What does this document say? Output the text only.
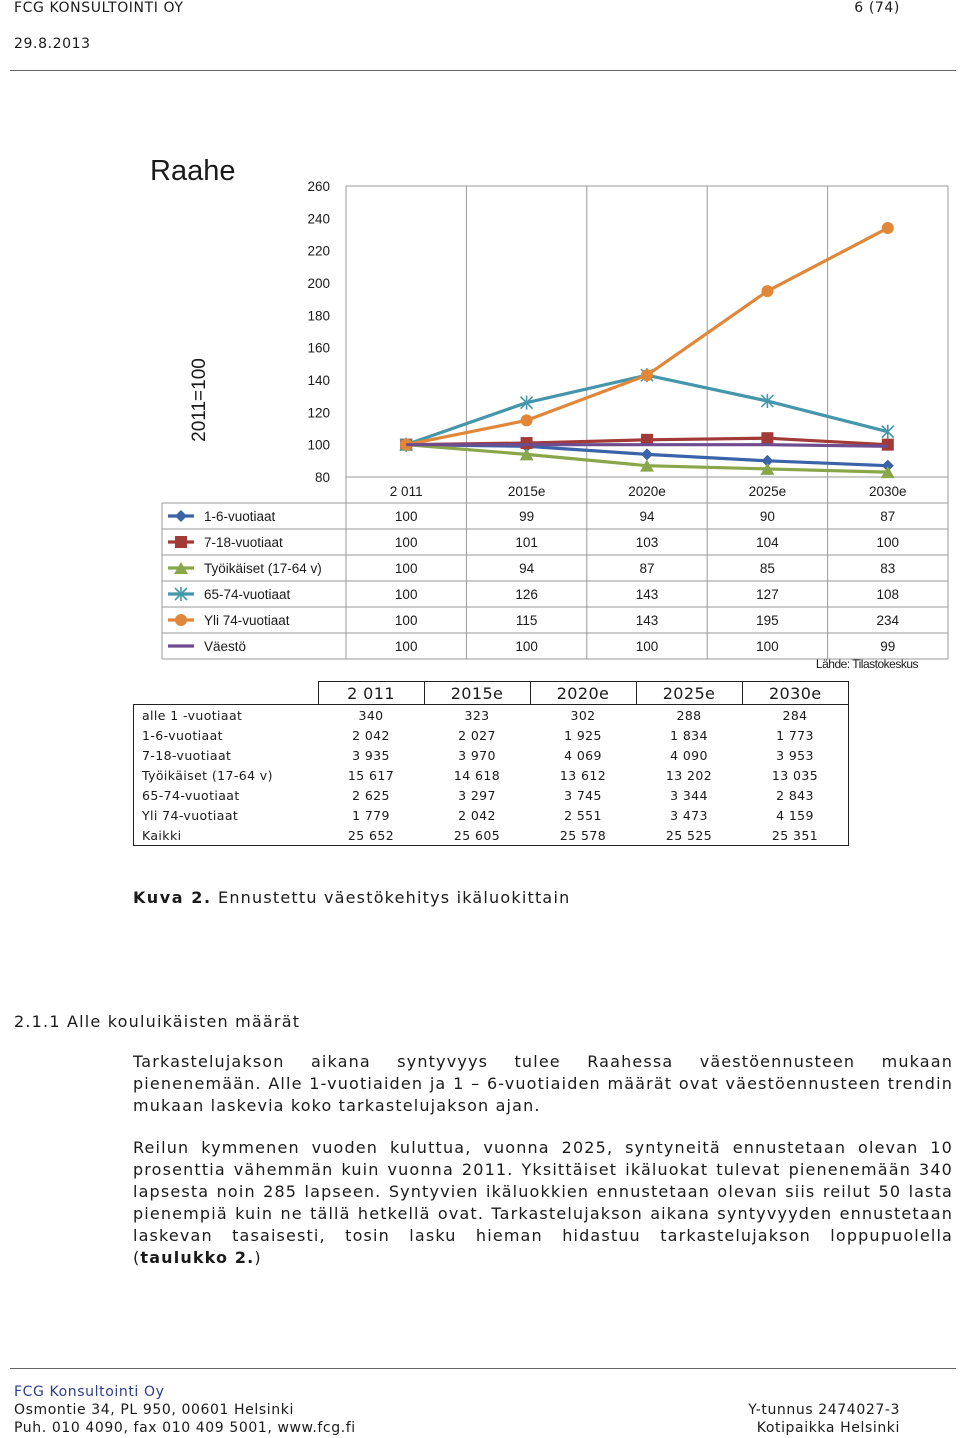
FCG KONSULTOINTI OY	6 (74)
29.8.2013
80
100
120
140
160
180
200
220
240
260
2 011	2015e	2020e	2025e	2030e
1-6-vuotiaat	100	99	94	90	87
7-18-vuotiaat	100	101	103	104	100
Työikäiset (17-64 v)	100	94	87	85	83
65-74-vuotiaat	100	126	143	127	108
Yli 74-vuotiaat	100	115	143	195	234
Väestö	100	100	100	100	99
Raahe
2011=100
Lähde: Tilastokeskus
	2 011	2015e	2020e	2025e	2030e
alle 1 -vuotiaat	340	323	302	288	284
1-6-vuotiaat	2 042	2 027	1 925	1 834	1 773
7-18-vuotiaat	3 935	3 970	4 069	4 090	3 953
Työikäiset (17-64 v)	15 617	14 618	13 612	13 202	13 035
65-74-vuotiaat	2 625	3 297	3 745	3 344	2 843
Yli 74-vuotiaat	1 779	2 042	2 551	3 473	4 159
Kaikki	25 652	25 605	25 578	25 525	25 351
Kuva 2. Ennustettu väestökehitys ikäluokittain
2.1.1 Alle kouluikäisten määrät

Tarkastelujakson aikana syntyvyys tulee Raahessa väestöennusteen mukaan pienenemään. Alle 1-vuotiaiden ja 1 – 6-vuotiaiden määrät ovat väestöennusteen trendin mukaan laskevia koko tarkastelujakson ajan.

Reilun kymmenen vuoden kuluttua, vuonna 2025, syntyneitä ennustetaan olevan 10 prosenttia vähemmän kuin vuonna 2011. Yksittäiset ikäluokat tulevat pienenemään 340 lapsesta noin 285 lapseen. Syntyvien ikäluokkien ennustetaan olevan siis reilut 50 lasta pienempiä kuin ne tällä hetkellä ovat. Tarkastelujakson aikana syntyvyyden ennustetaan laskevan tasaisesti, tosin lasku hieman hidastuu tarkastelujakson loppupuolella (taulukko 2.)

FCG Konsultointi Oy
Osmontie 34, PL 950, 00601 Helsinki
Puh. 010 4090, fax 010 409 5001, www.fcg.fi
Y-tunnus 2474027-3
Kotipaikka Helsinki
